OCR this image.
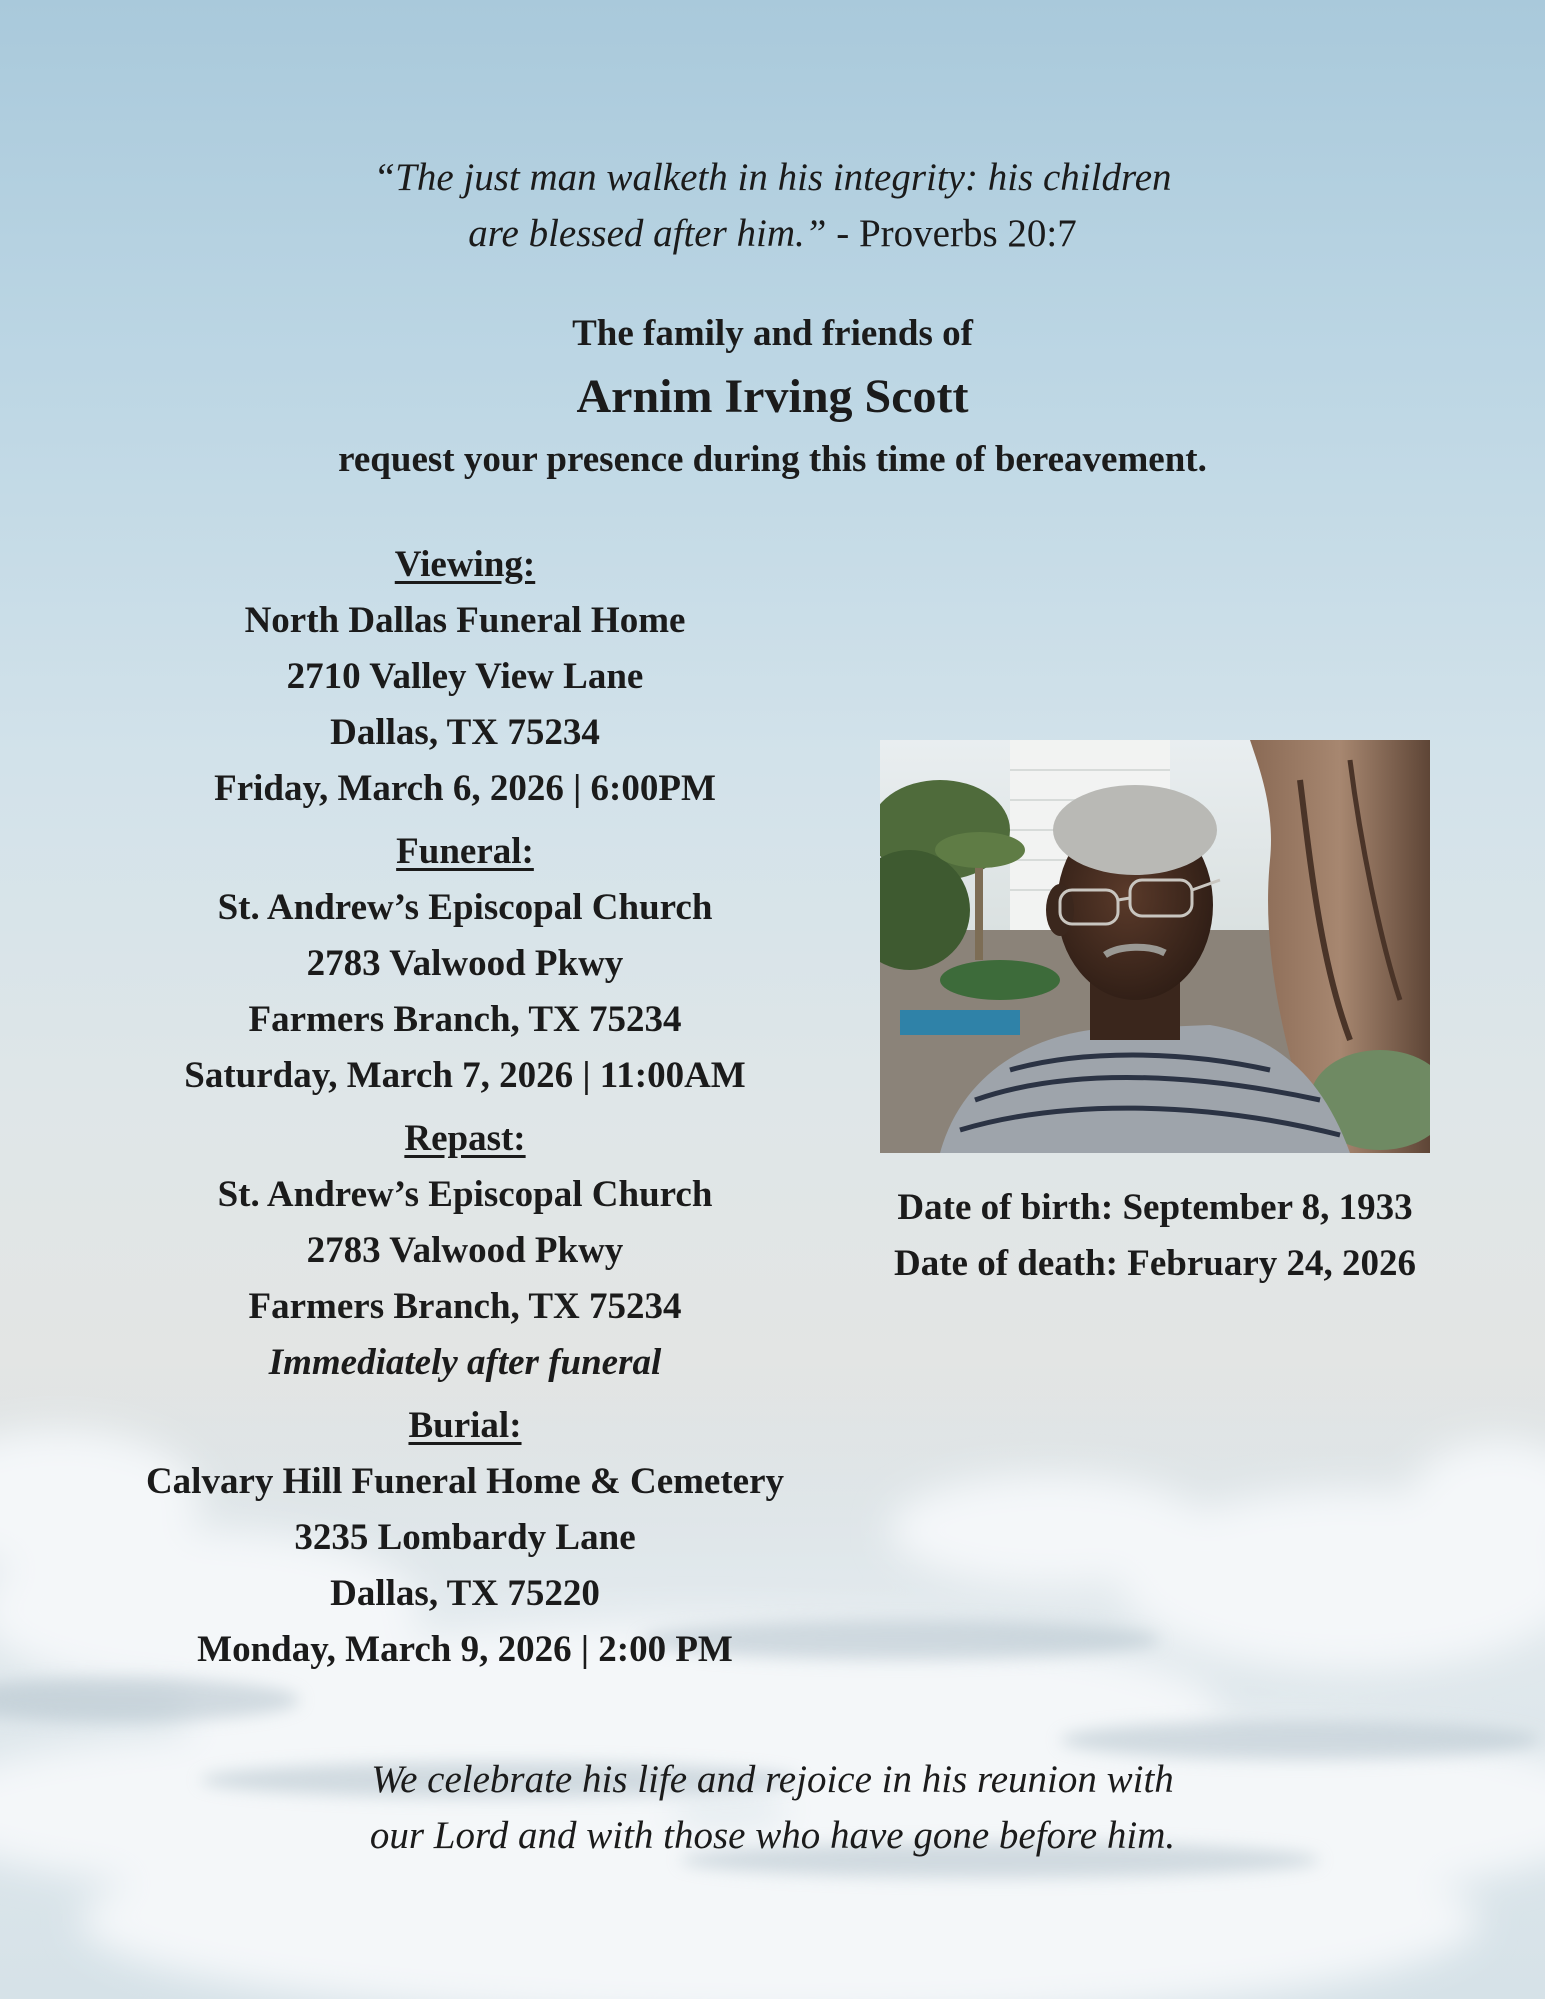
“The just man walketh in his integrity: his children
are blessed after him.” - Proverbs 20:7
The family and friends of
Arnim Irving Scott
request your presence during this time of bereavement.
Viewing:
North Dallas Funeral Home
2710 Valley View Lane
Dallas, TX 75234
Friday, March 6, 2026 | 6:00PM
Funeral:
St. Andrew’s Episcopal Church
2783 Valwood Pkwy
Farmers Branch, TX 75234
Saturday, March 7, 2026 | 11:00AM
Repast:
St. Andrew’s Episcopal Church
2783 Valwood Pkwy
Farmers Branch, TX 75234
Immediately after funeral
Burial:
Calvary Hill Funeral Home & Cemetery
3235 Lombardy Lane
Dallas, TX 75220
Monday, March 9, 2026 | 2:00 PM
Date of birth: September 8, 1933
Date of death: February 24, 2026
We celebrate his life and rejoice in his reunion with
our Lord and with those who have gone before him.
